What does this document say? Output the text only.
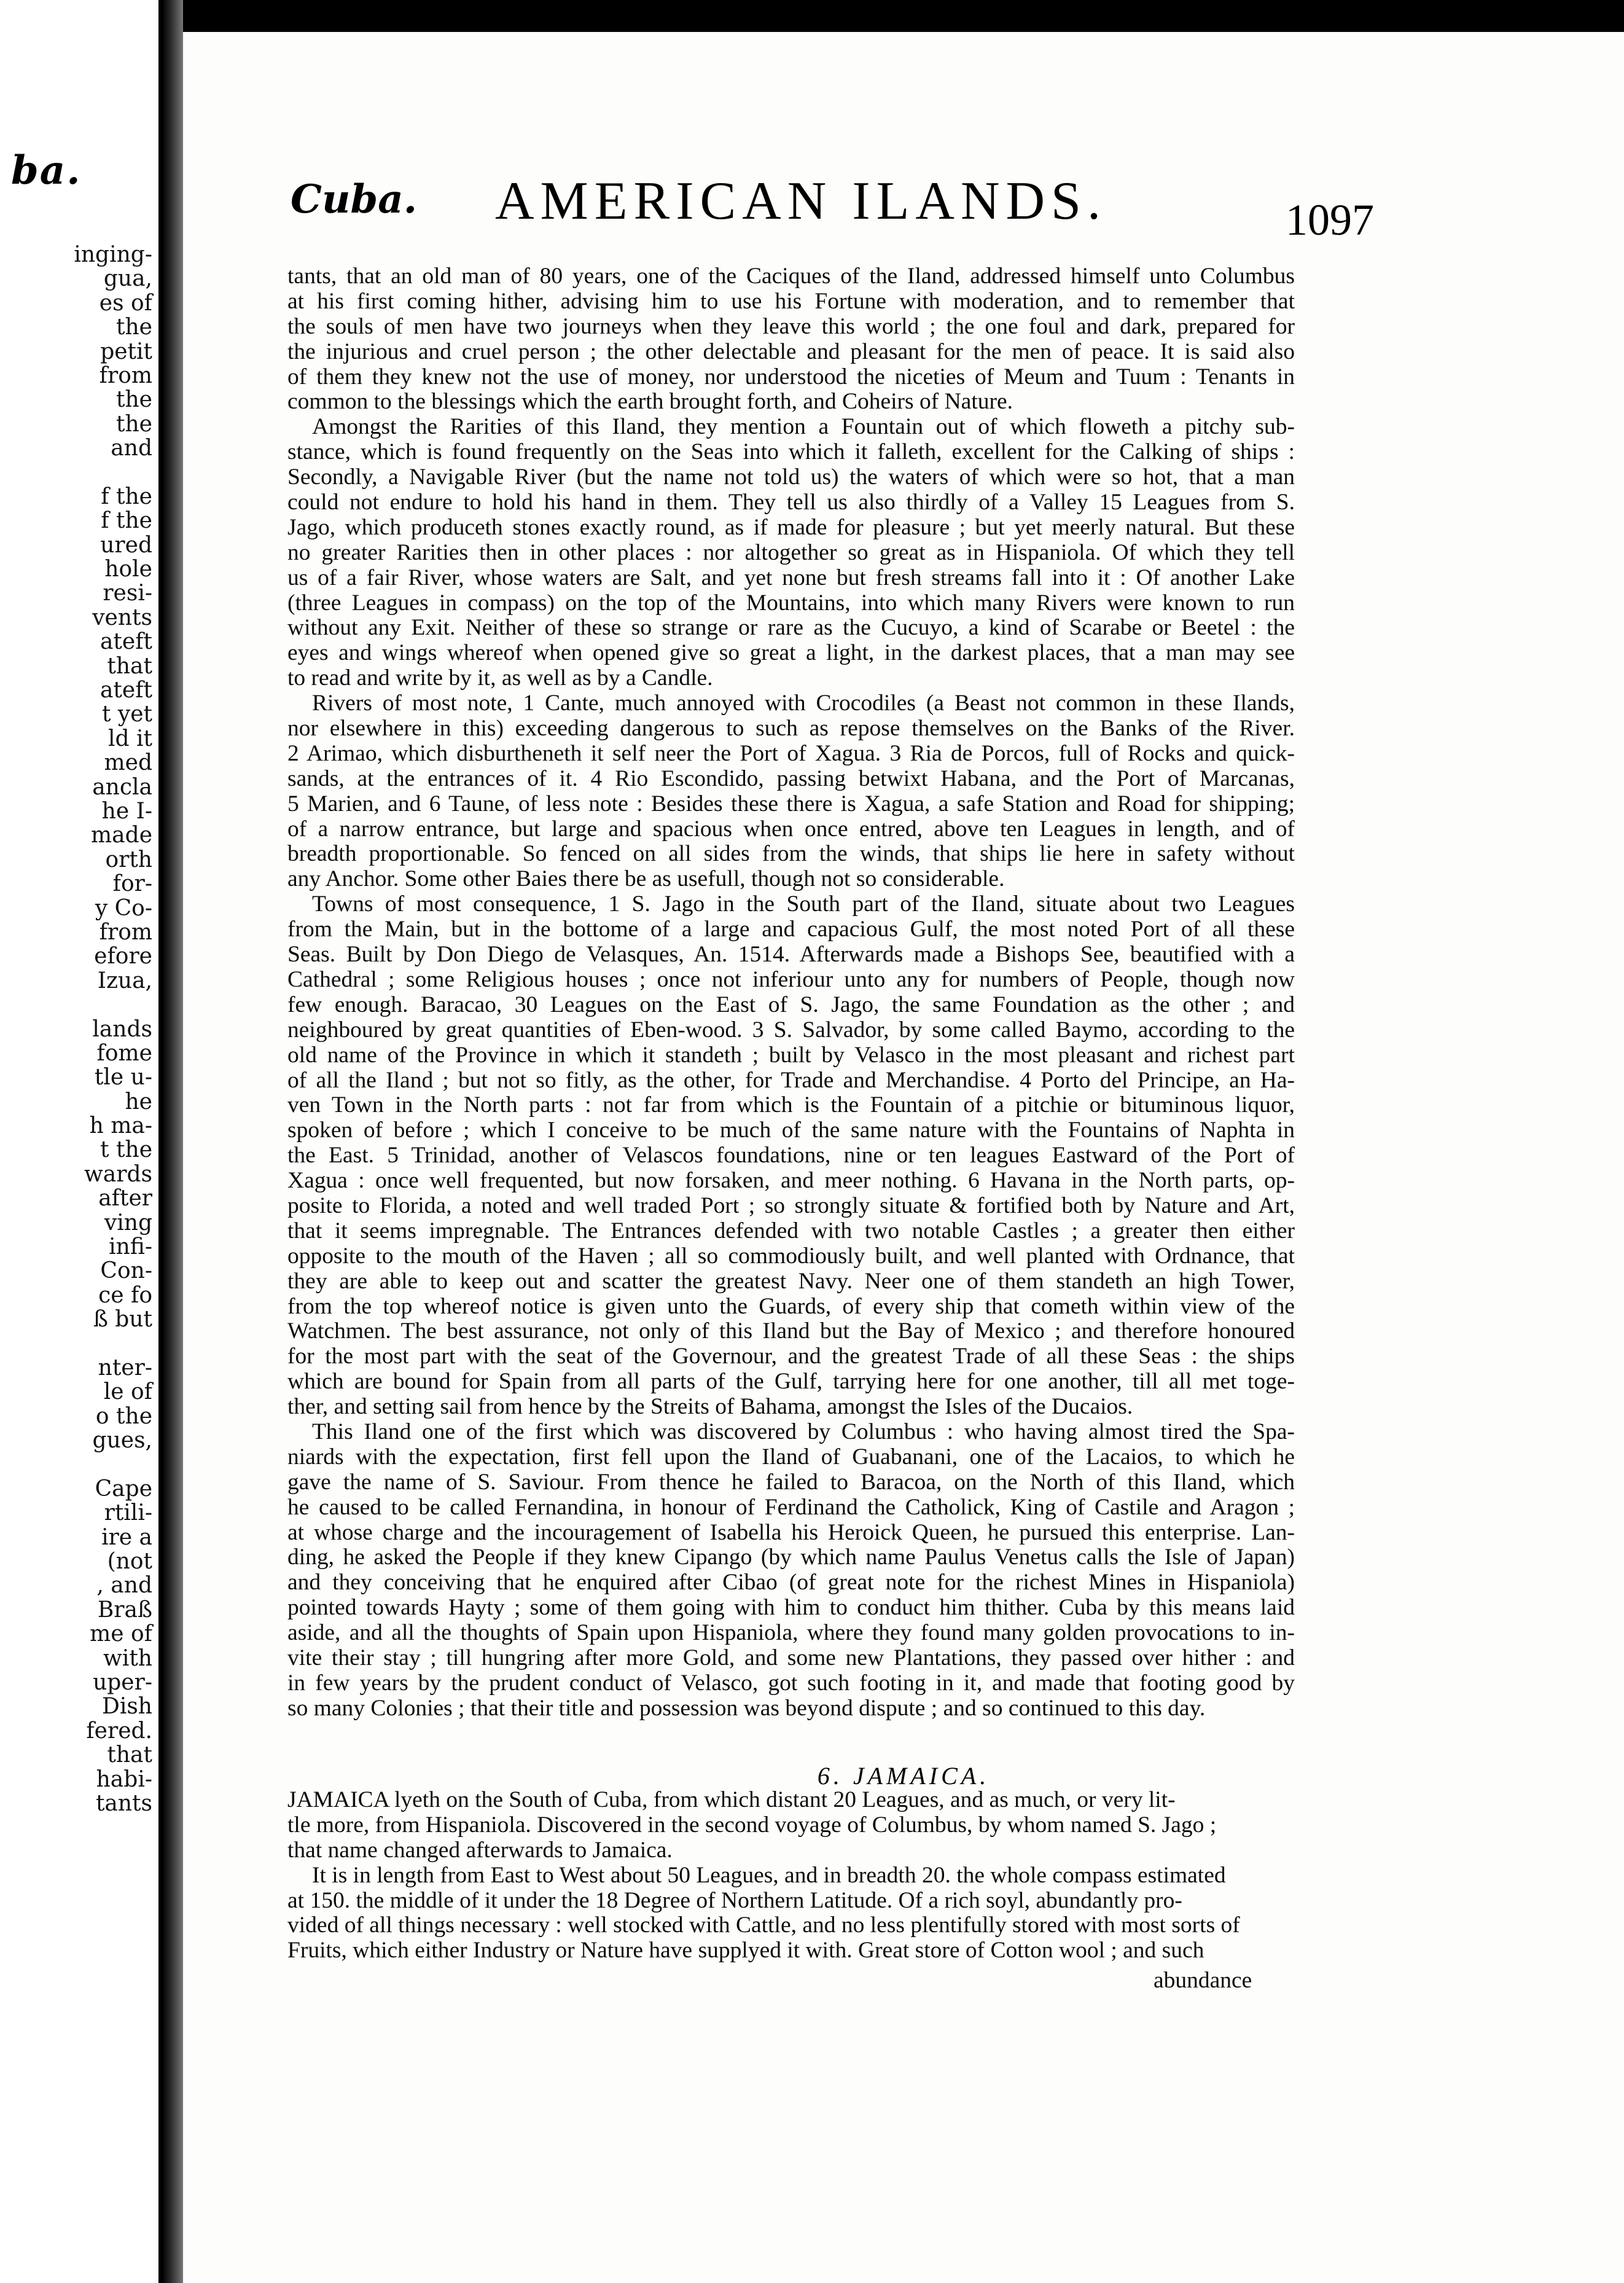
ba.
inging-
gua,
es of
the
petit
from
the
the
and

f the
f the
ured
hole
resi-
vents
ateft
that
ateft
t yet
ld it
med
ancla
he I-
made
orth
for-
y Co-
from
efore
Izua,

lands
fome
tle u-
he
h ma-
t the
wards
after
ving
infi-
Con-
ce fo
ß but

nter-
le of
o the
gues,

Cape
rtili-
ire a
(not
, and
Braß
me of
with
uper-
Dish
fered.
that
habi-
tants
Cuba. AMERICAN ILANDS.	1097
tants, that an old man of 80 years, one of the Caciques of the Iland, addressed himself unto Columbus
at his first coming hither, advising him to use his Fortune with moderation, and to remember that
the souls of men have two journeys when they leave this world ; the one foul and dark, prepared for
the injurious and cruel person ; the other delectable and pleasant for the men of peace. It is said also
of them they knew not the use of money, nor understood the niceties of Meum and Tuum : Tenants in
common to the blessings which the earth brought forth, and Coheirs of Nature.
Amongst the Rarities of this Iland, they mention a Fountain out of which floweth a pitchy sub-
stance, which is found frequently on the Seas into which it falleth, excellent for the Calking of ships :
Secondly, a Navigable River (but the name not told us) the waters of which were so hot, that a man
could not endure to hold his hand in them. They tell us also thirdly of a Valley 15 Leagues from S.
Jago, which produceth stones exactly round, as if made for pleasure ; but yet meerly natural. But these
no greater Rarities then in other places : nor altogether so great as in Hispaniola. Of which they tell
us of a fair River, whose waters are Salt, and yet none but fresh streams fall into it : Of another Lake
(three Leagues in compass) on the top of the Mountains, into which many Rivers were known to run
without any Exit. Neither of these so strange or rare as the Cucuyo, a kind of Scarabe or Beetel : the
eyes and wings whereof when opened give so great a light, in the darkest places, that a man may see
to read and write by it, as well as by a Candle.
Rivers of most note, 1 Cante, much annoyed with Crocodiles (a Beast not common in these Ilands,
nor elsewhere in this) exceeding dangerous to such as repose themselves on the Banks of the River.
2 Arimao, which disburtheneth it self neer the Port of Xagua. 3 Ria de Porcos, full of Rocks and quick-
sands, at the entrances of it. 4 Rio Escondido, passing betwixt Habana, and the Port of Marcanas,
5 Marien, and 6 Taune, of less note : Besides these there is Xagua, a safe Station and Road for shipping;
of a narrow entrance, but large and spacious when once entred, above ten Leagues in length, and of
breadth proportionable. So fenced on all sides from the winds, that ships lie here in safety without
any Anchor. Some other Baies there be as usefull, though not so considerable.
Towns of most consequence, 1 S. Jago in the South part of the Iland, situate about two Leagues
from the Main, but in the bottome of a large and capacious Gulf, the most noted Port of all these
Seas. Built by Don Diego de Velasques, An. 1514. Afterwards made a Bishops See, beautified with a
Cathedral ; some Religious houses ; once not inferiour unto any for numbers of People, though now
few enough. Baracao, 30 Leagues on the East of S. Jago, the same Foundation as the other ; and
neighboured by great quantities of Eben-wood. 3 S. Salvador, by some called Baymo, according to the
old name of the Province in which it standeth ; built by Velasco in the most pleasant and richest part
of all the Iland ; but not so fitly, as the other, for Trade and Merchandise. 4 Porto del Principe, an Ha-
ven Town in the North parts : not far from which is the Fountain of a pitchie or bituminous liquor,
spoken of before ; which I conceive to be much of the same nature with the Fountains of Naphta in
the East. 5 Trinidad, another of Velascos foundations, nine or ten leagues Eastward of the Port of
Xagua : once well frequented, but now forsaken, and meer nothing. 6 Havana in the North parts, op-
posite to Florida, a noted and well traded Port ; so strongly situate & fortified both by Nature and Art,
that it seems impregnable. The Entrances defended with two notable Castles ; a greater then either
opposite to the mouth of the Haven ; all so commodiously built, and well planted with Ordnance, that
they are able to keep out and scatter the greatest Navy. Neer one of them standeth an high Tower,
from the top whereof notice is given unto the Guards, of every ship that cometh within view of the
Watchmen. The best assurance, not only of this Iland but the Bay of Mexico ; and therefore honoured
for the most part with the seat of the Governour, and the greatest Trade of all these Seas : the ships
which are bound for Spain from all parts of the Gulf, tarrying here for one another, till all met toge-
ther, and setting sail from hence by the Streits of Bahama, amongst the Isles of the Ducaios.
This Iland one of the first which was discovered by Columbus : who having almost tired the Spa-
niards with the expectation, first fell upon the Iland of Guabanani, one of the Lacaios, to which he
gave the name of S. Saviour. From thence he failed to Baracoa, on the North of this Iland, which
he caused to be called Fernandina, in honour of Ferdinand the Catholick, King of Castile and Aragon ;
at whose charge and the incouragement of Isabella his Heroick Queen, he pursued this enterprise. Lan-
ding, he asked the People if they knew Cipango (by which name Paulus Venetus calls the Isle of Japan)
and they conceiving that he enquired after Cibao (of great note for the richest Mines in Hispaniola)
pointed towards Hayty ; some of them going with him to conduct him thither. Cuba by this means laid
aside, and all the thoughts of Spain upon Hispaniola, where they found many golden provocations to in-
vite their stay ; till hungring after more Gold, and some new Plantations, they passed over hither : and
in few years by the prudent conduct of Velasco, got such footing in it, and made that footing good by
so many Colonies ; that their title and possession was beyond dispute ; and so continued to this day.
6. JAMAICA.
JAMAICA lyeth on the South of Cuba, from which distant 20 Leagues, and as much, or very lit-
tle more, from Hispaniola. Discovered in the second voyage of Columbus, by whom named S. Jago ;
that name changed afterwards to Jamaica.
It is in length from East to West about 50 Leagues, and in breadth 20. the whole compass estimated
at 150. the middle of it under the 18 Degree of Northern Latitude. Of a rich soyl, abundantly pro-
vided of all things necessary : well stocked with Cattle, and no less plentifully stored with most sorts of
Fruits, which either Industry or Nature have supplyed it with. Great store of Cotton wool ; and such
abundance
